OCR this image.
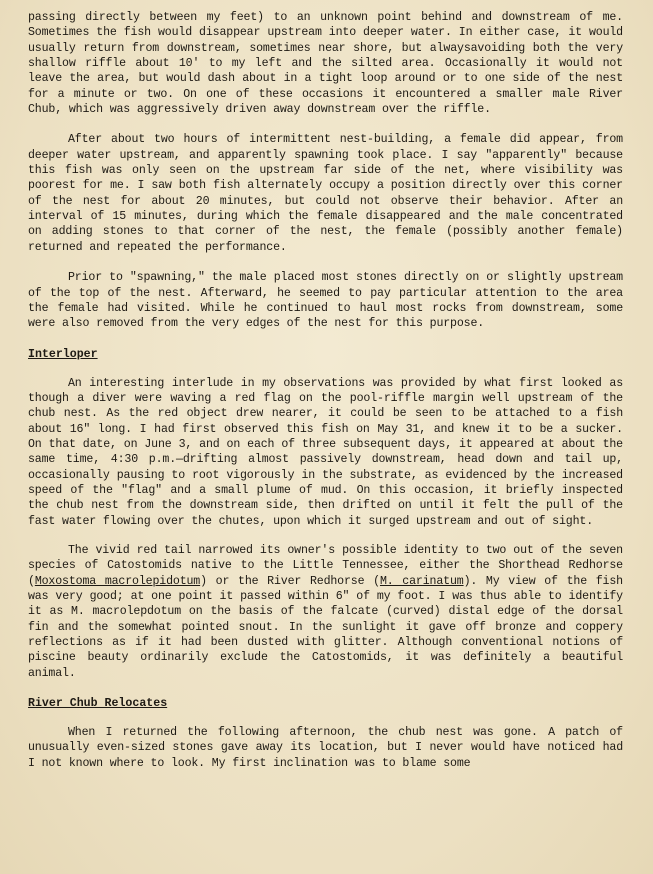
passing directly between my feet) to an unknown point behind and downstream of me. Sometimes the fish would disappear upstream into deeper water. In either case, it would usually return from downstream, sometimes near shore, but alwaysavoiding both the very shallow riffle about 10' to my left and the silted area. Occasionally it would not leave the area, but would dash about in a tight loop around or to one side of the nest for a minute or two. On one of these occasions it encountered a smaller male River Chub, which was aggressively driven away downstream over the riffle.

After about two hours of intermittent nest-building, a female did appear, from deeper water upstream, and apparently spawning took place. I say "apparently" because this fish was only seen on the upstream far side of the net, where visibility was poorest for me. I saw both fish alternately occupy a position directly over this corner of the nest for about 20 minutes, but could not observe their behavior. After an interval of 15 minutes, during which the female disappeared and the male concentrated on adding stones to that corner of the nest, the female (possibly another female) returned and repeated the performance.

Prior to "spawning," the male placed most stones directly on or slightly upstream of the top of the nest. Afterward, he seemed to pay particular attention to the area the female had visited. While he continued to haul most rocks from downstream, some were also removed from the very edges of the nest for this purpose.

Interloper

An interesting interlude in my observations was provided by what first looked as though a diver were waving a red flag on the pool-riffle margin well upstream of the chub nest. As the red object drew nearer, it could be seen to be attached to a fish about 16" long. I had first observed this fish on May 31, and knew it to be a sucker. On that date, on June 3, and on each of three subsequent days, it appeared at about the same time, 4:30 p.m.—drifting almost passively downstream, head down and tail up, occasionally pausing to root vigorously in the substrate, as evidenced by the increased speed of the "flag" and a small plume of mud. On this occasion, it briefly inspected the chub nest from the downstream side, then drifted on until it felt the pull of the fast water flowing over the chutes, upon which it surged upstream and out of sight.

The vivid red tail narrowed its owner's possible identity to two out of the seven species of Catostomids native to the Little Tennessee, either the Shorthead Redhorse (Moxostoma macrolepidotum) or the River Redhorse (M. carinatum). My view of the fish was very good; at one point it passed within 6" of my foot. I was thus able to identify it as M. macrolepdotum on the basis of the falcate (curved) distal edge of the dorsal fin and the somewhat pointed snout. In the sunlight it gave off bronze and coppery reflections as if it had been dusted with glitter. Although conventional notions of piscine beauty ordinarily exclude the Catostomids, it was definitely a beautiful animal.

River Chub Relocates

When I returned the following afternoon, the chub nest was gone. A patch of unusually even-sized stones gave away its location, but I never would have noticed had I not known where to look. My first inclination was to blame some
